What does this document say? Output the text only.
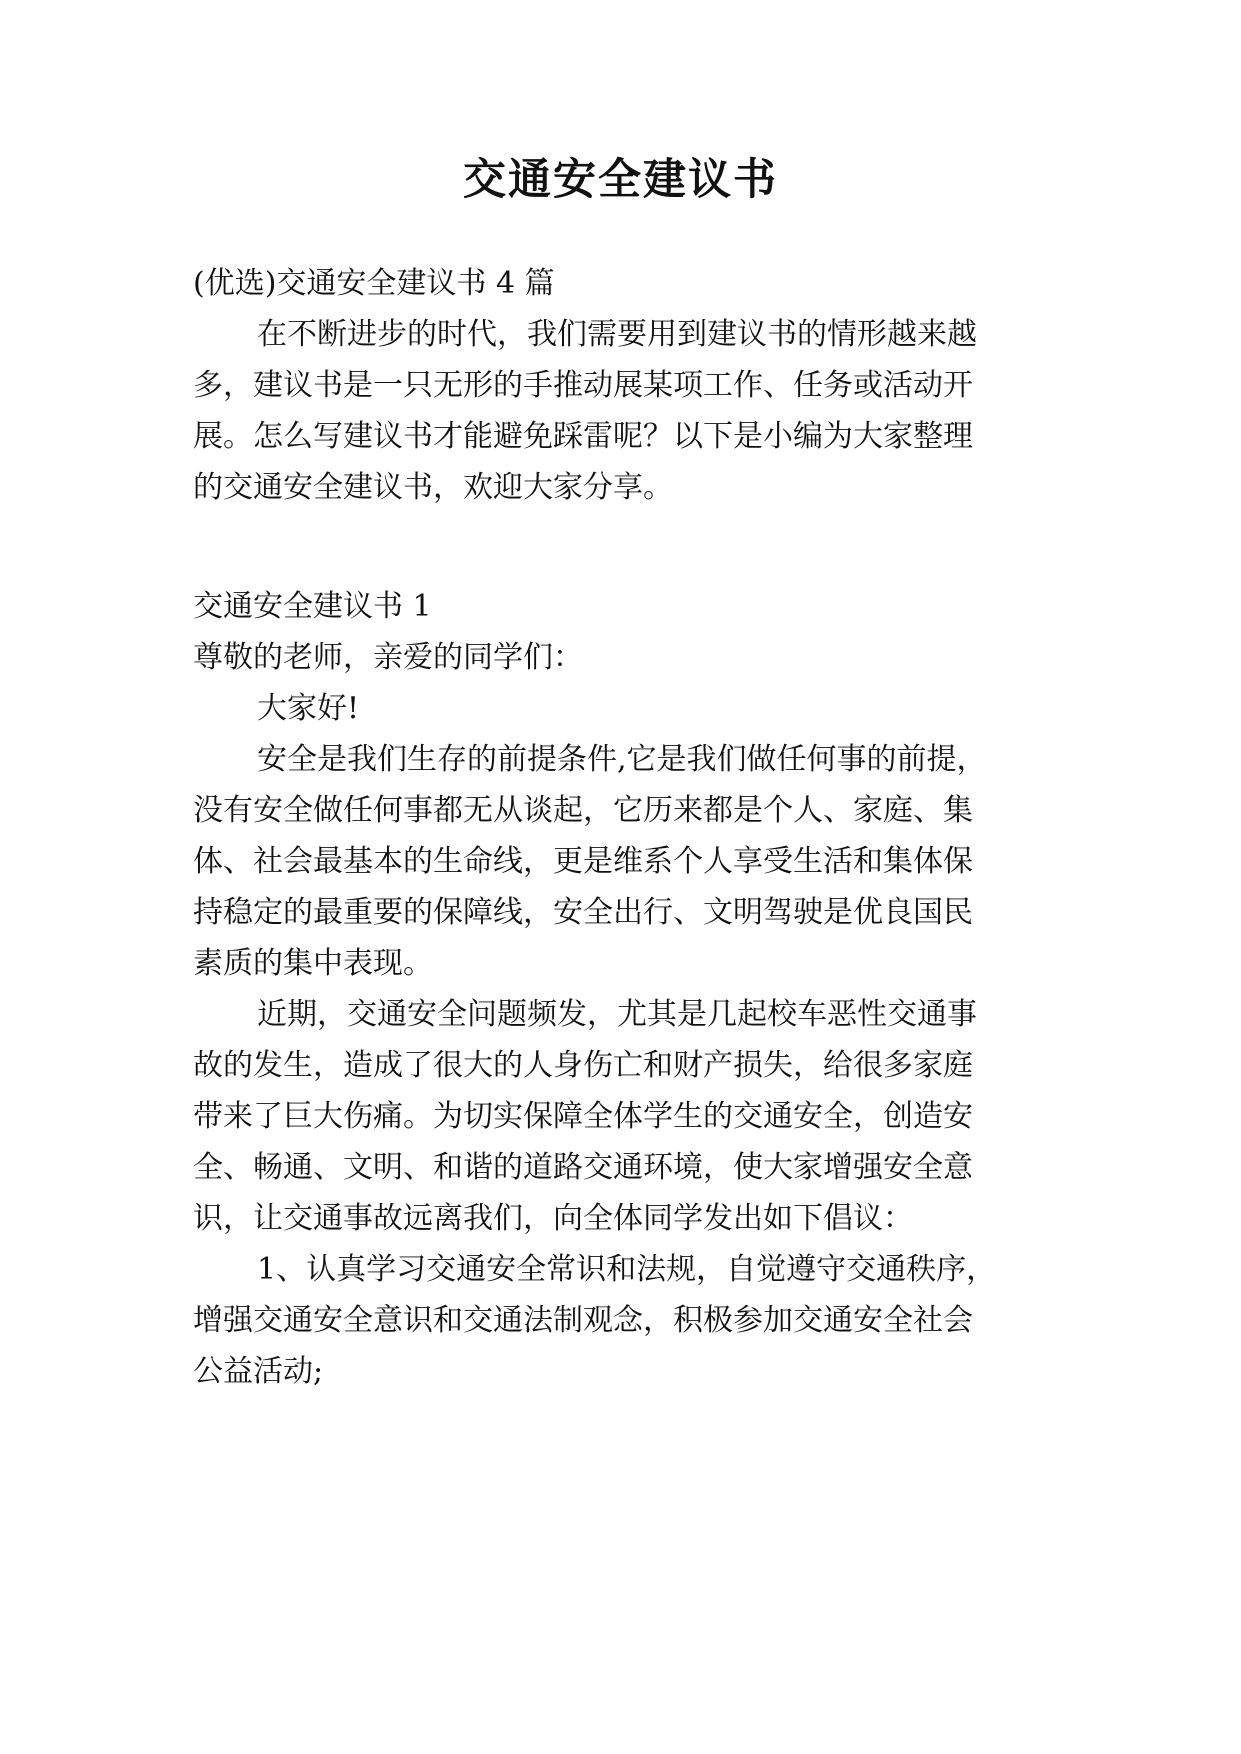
交通安全建议书
(优选)交通安全建议书 4 篇
在不断进步的时代，我们需要用到建议书的情形越来越
多，建议书是一只无形的手推动展某项工作、任务或活动开
展。怎么写建议书才能避免踩雷呢？以下是小编为大家整理
的交通安全建议书，欢迎大家分享。
交通安全建议书 1
尊敬的老师，亲爱的同学们：
大家好!
安全是我们生存的前提条件,它是我们做任何事的前提，
没有安全做任何事都无从谈起，它历来都是个人、家庭、集
体、社会最基本的生命线，更是维系个人享受生活和集体保
持稳定的最重要的保障线，安全出行、文明驾驶是优良国民
素质的集中表现。
近期，交通安全问题频发，尤其是几起校车恶性交通事
故的发生，造成了很大的人身伤亡和财产损失，给很多家庭
带来了巨大伤痛。为切实保障全体学生的交通安全，创造安
全、畅通、文明、和谐的道路交通环境，使大家增强安全意
识，让交通事故远离我们，向全体同学发出如下倡议：
1、认真学习交通安全常识和法规，自觉遵守交通秩序，
增强交通安全意识和交通法制观念，积极参加交通安全社会
公益活动;
